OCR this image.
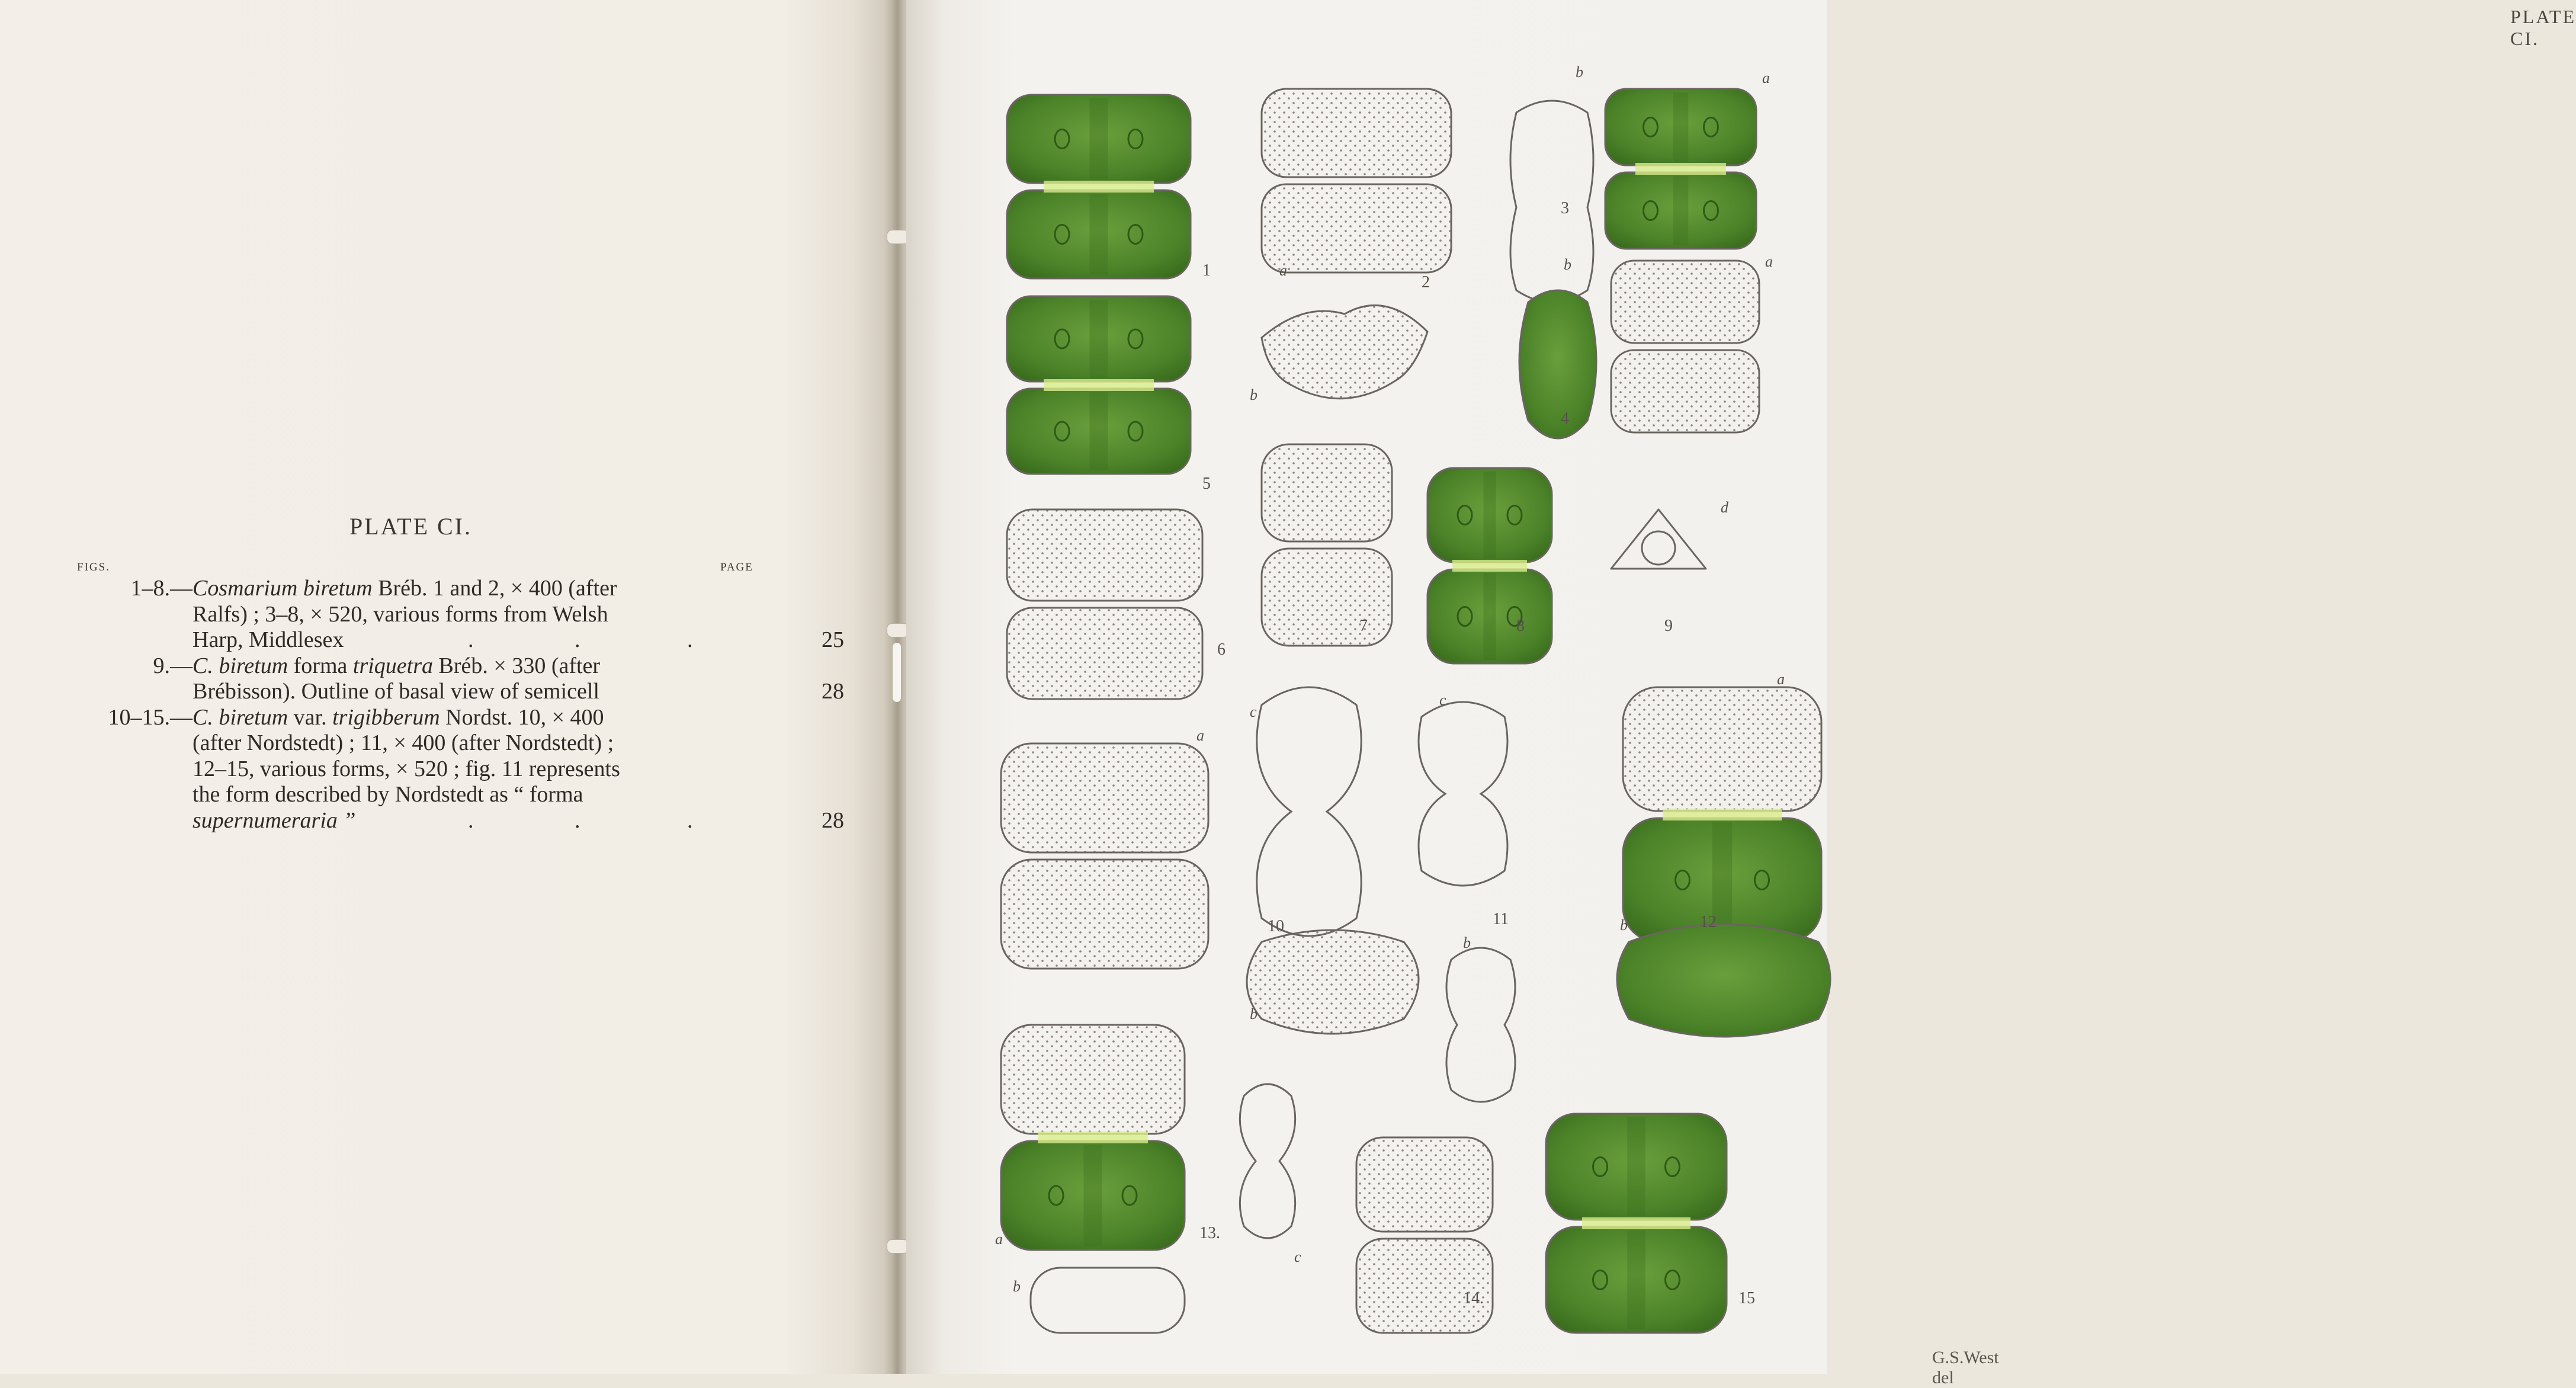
PLATE CI.
FIGS.	PAGE
1–8.— Cosmarium biretum Bréb. 1 and 2, × 400 (after
Ralfs) ; 3–8, × 520, various forms from Welsh
Harp, Middlesex	.	.	.	25
9.— C. biretum forma triquetra Bréb. × 330 (after
Brébisson). Outline of basal view of semicell	28
10–15.— C. biretum var. trigibberum Nordst. 10, × 400
(after Nordstedt) ; 11, × 400 (after Nordstedt) ;
12–15, various forms, × 520 ; fig. 11 represents
the form described by Nordstedt as “ forma
supernumeraria ”	.	.	.	28
PLATE CI.
G.S.West del
1	a
b
3
a
2
b
5
b
4
a
6
7	8
d
9
a
c
10
c
11
a
b
b
b	12
a	13.
c
b
14.	15
